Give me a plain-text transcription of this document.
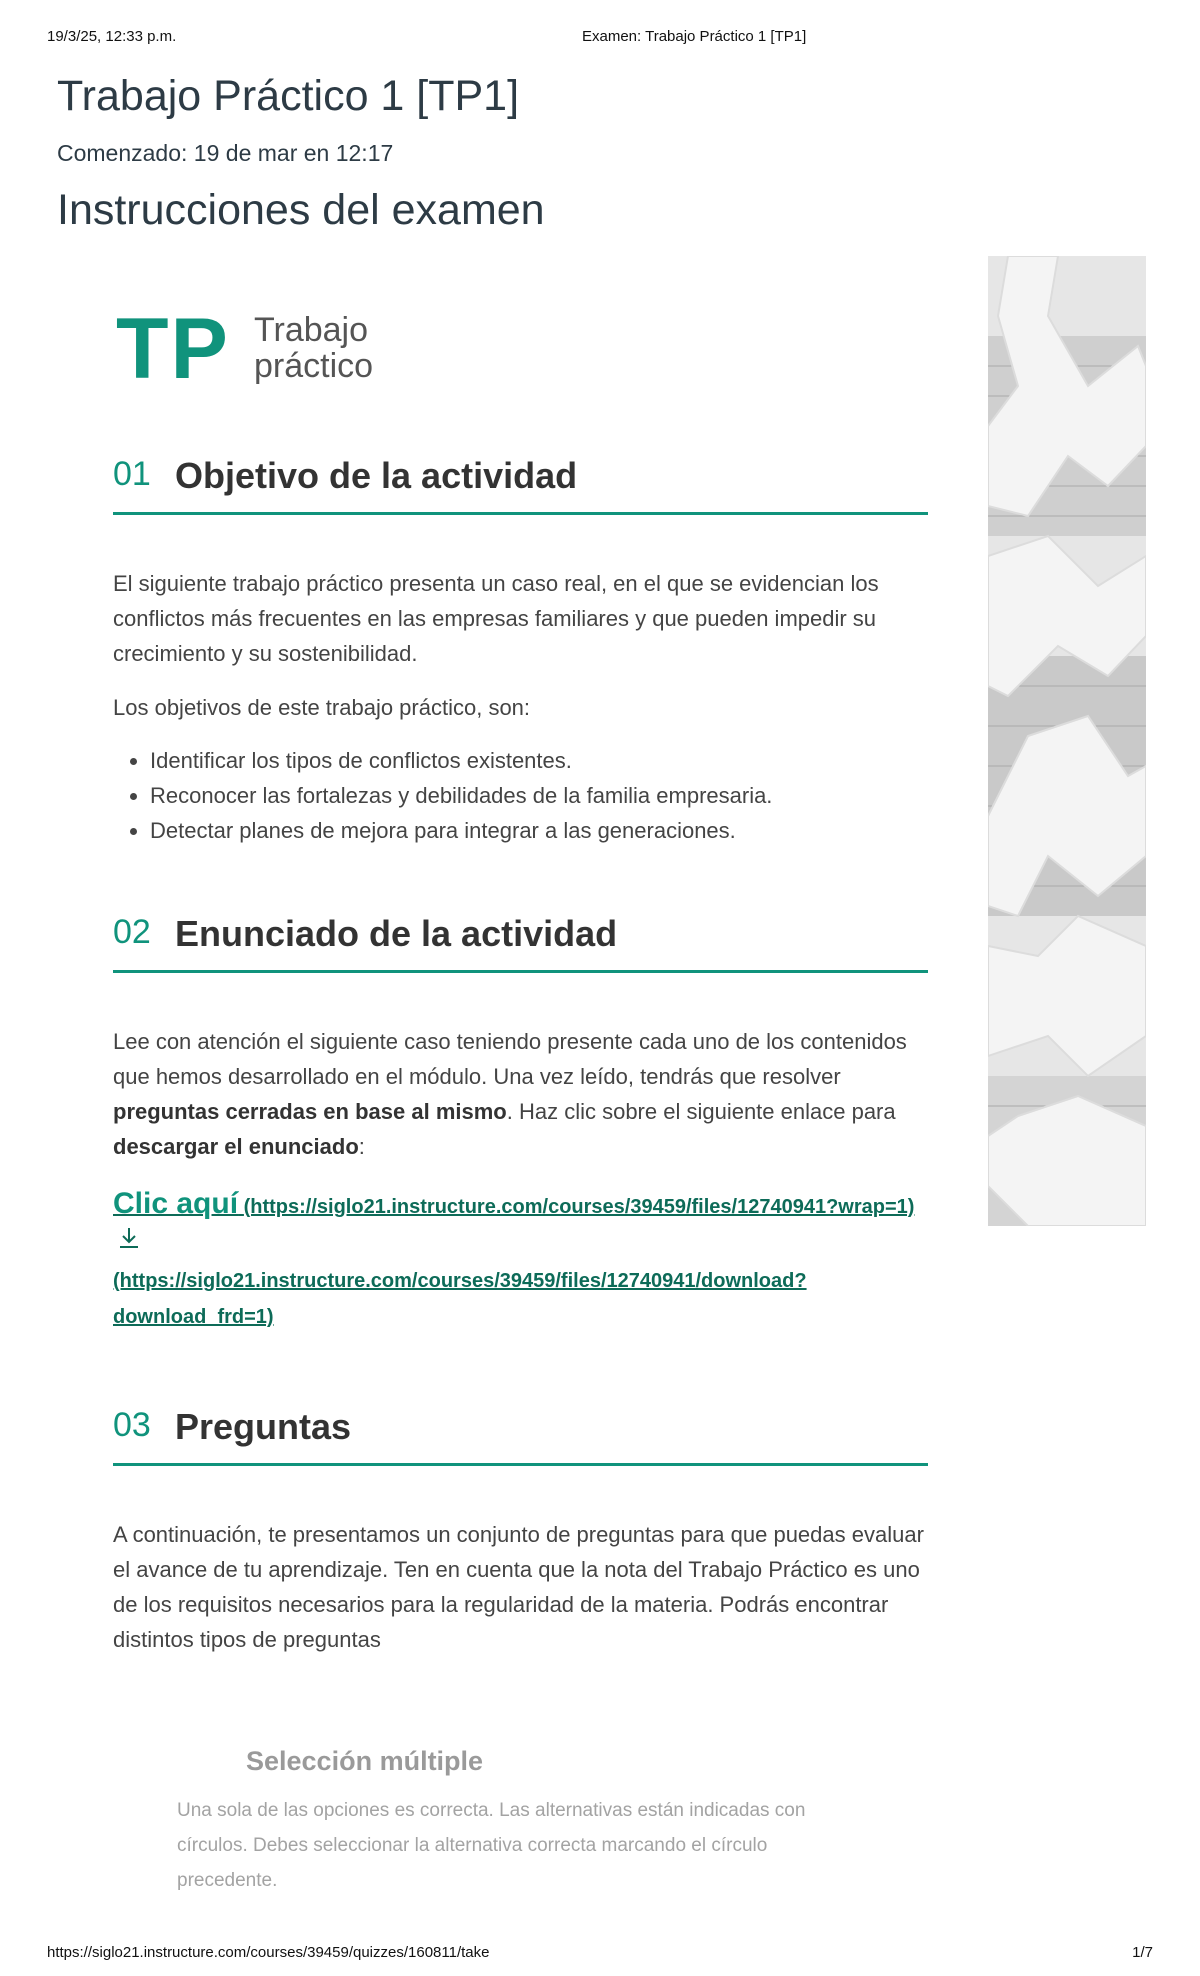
19/3/25, 12:33 p.m.	Examen: Trabajo Práctico 1 [TP1]
Trabajo Práctico 1 [TP1]
Comenzado: 19 de mar en 12:17
Instrucciones del examen
TP Trabajo
práctico
01 Objetivo de la actividad

El siguiente trabajo práctico presenta un caso real, en el que se evidencian los conflictos más frecuentes en las empresas familiares y que pueden impedir su crecimiento y su sostenibilidad.

Los objetivos de este trabajo práctico, son:

• Identificar los tipos de conflictos existentes.
• Reconocer las fortalezas y debilidades de la familia empresaria.
• Detectar planes de mejora para integrar a las generaciones.
02 Enunciado de la actividad

Lee con atención el siguiente caso teniendo presente cada uno de los contenidos que hemos desarrollado en el módulo. Una vez leído, tendrás que resolver preguntas cerradas en base al mismo. Haz clic sobre el siguiente enlace para descargar el enunciado:

Clic aquí (https://siglo21.instructure.com/courses/39459/files/12740941?wrap=1)
(https://siglo21.instructure.com/courses/39459/files/12740941/download?download_frd=1)
03 Preguntas

A continuación, te presentamos un conjunto de preguntas para que puedas evaluar el avance de tu aprendizaje. Ten en cuenta que la nota del Trabajo Práctico es uno de los requisitos necesarios para la regularidad de la materia. Podrás encontrar distintos tipos de preguntas

Selección múltiple

Una sola de las opciones es correcta. Las alternativas están indicadas con círculos. Debes seleccionar la alternativa correcta marcando el círculo precedente.

https://siglo21.instructure.com/courses/39459/quizzes/160811/take	1/7
